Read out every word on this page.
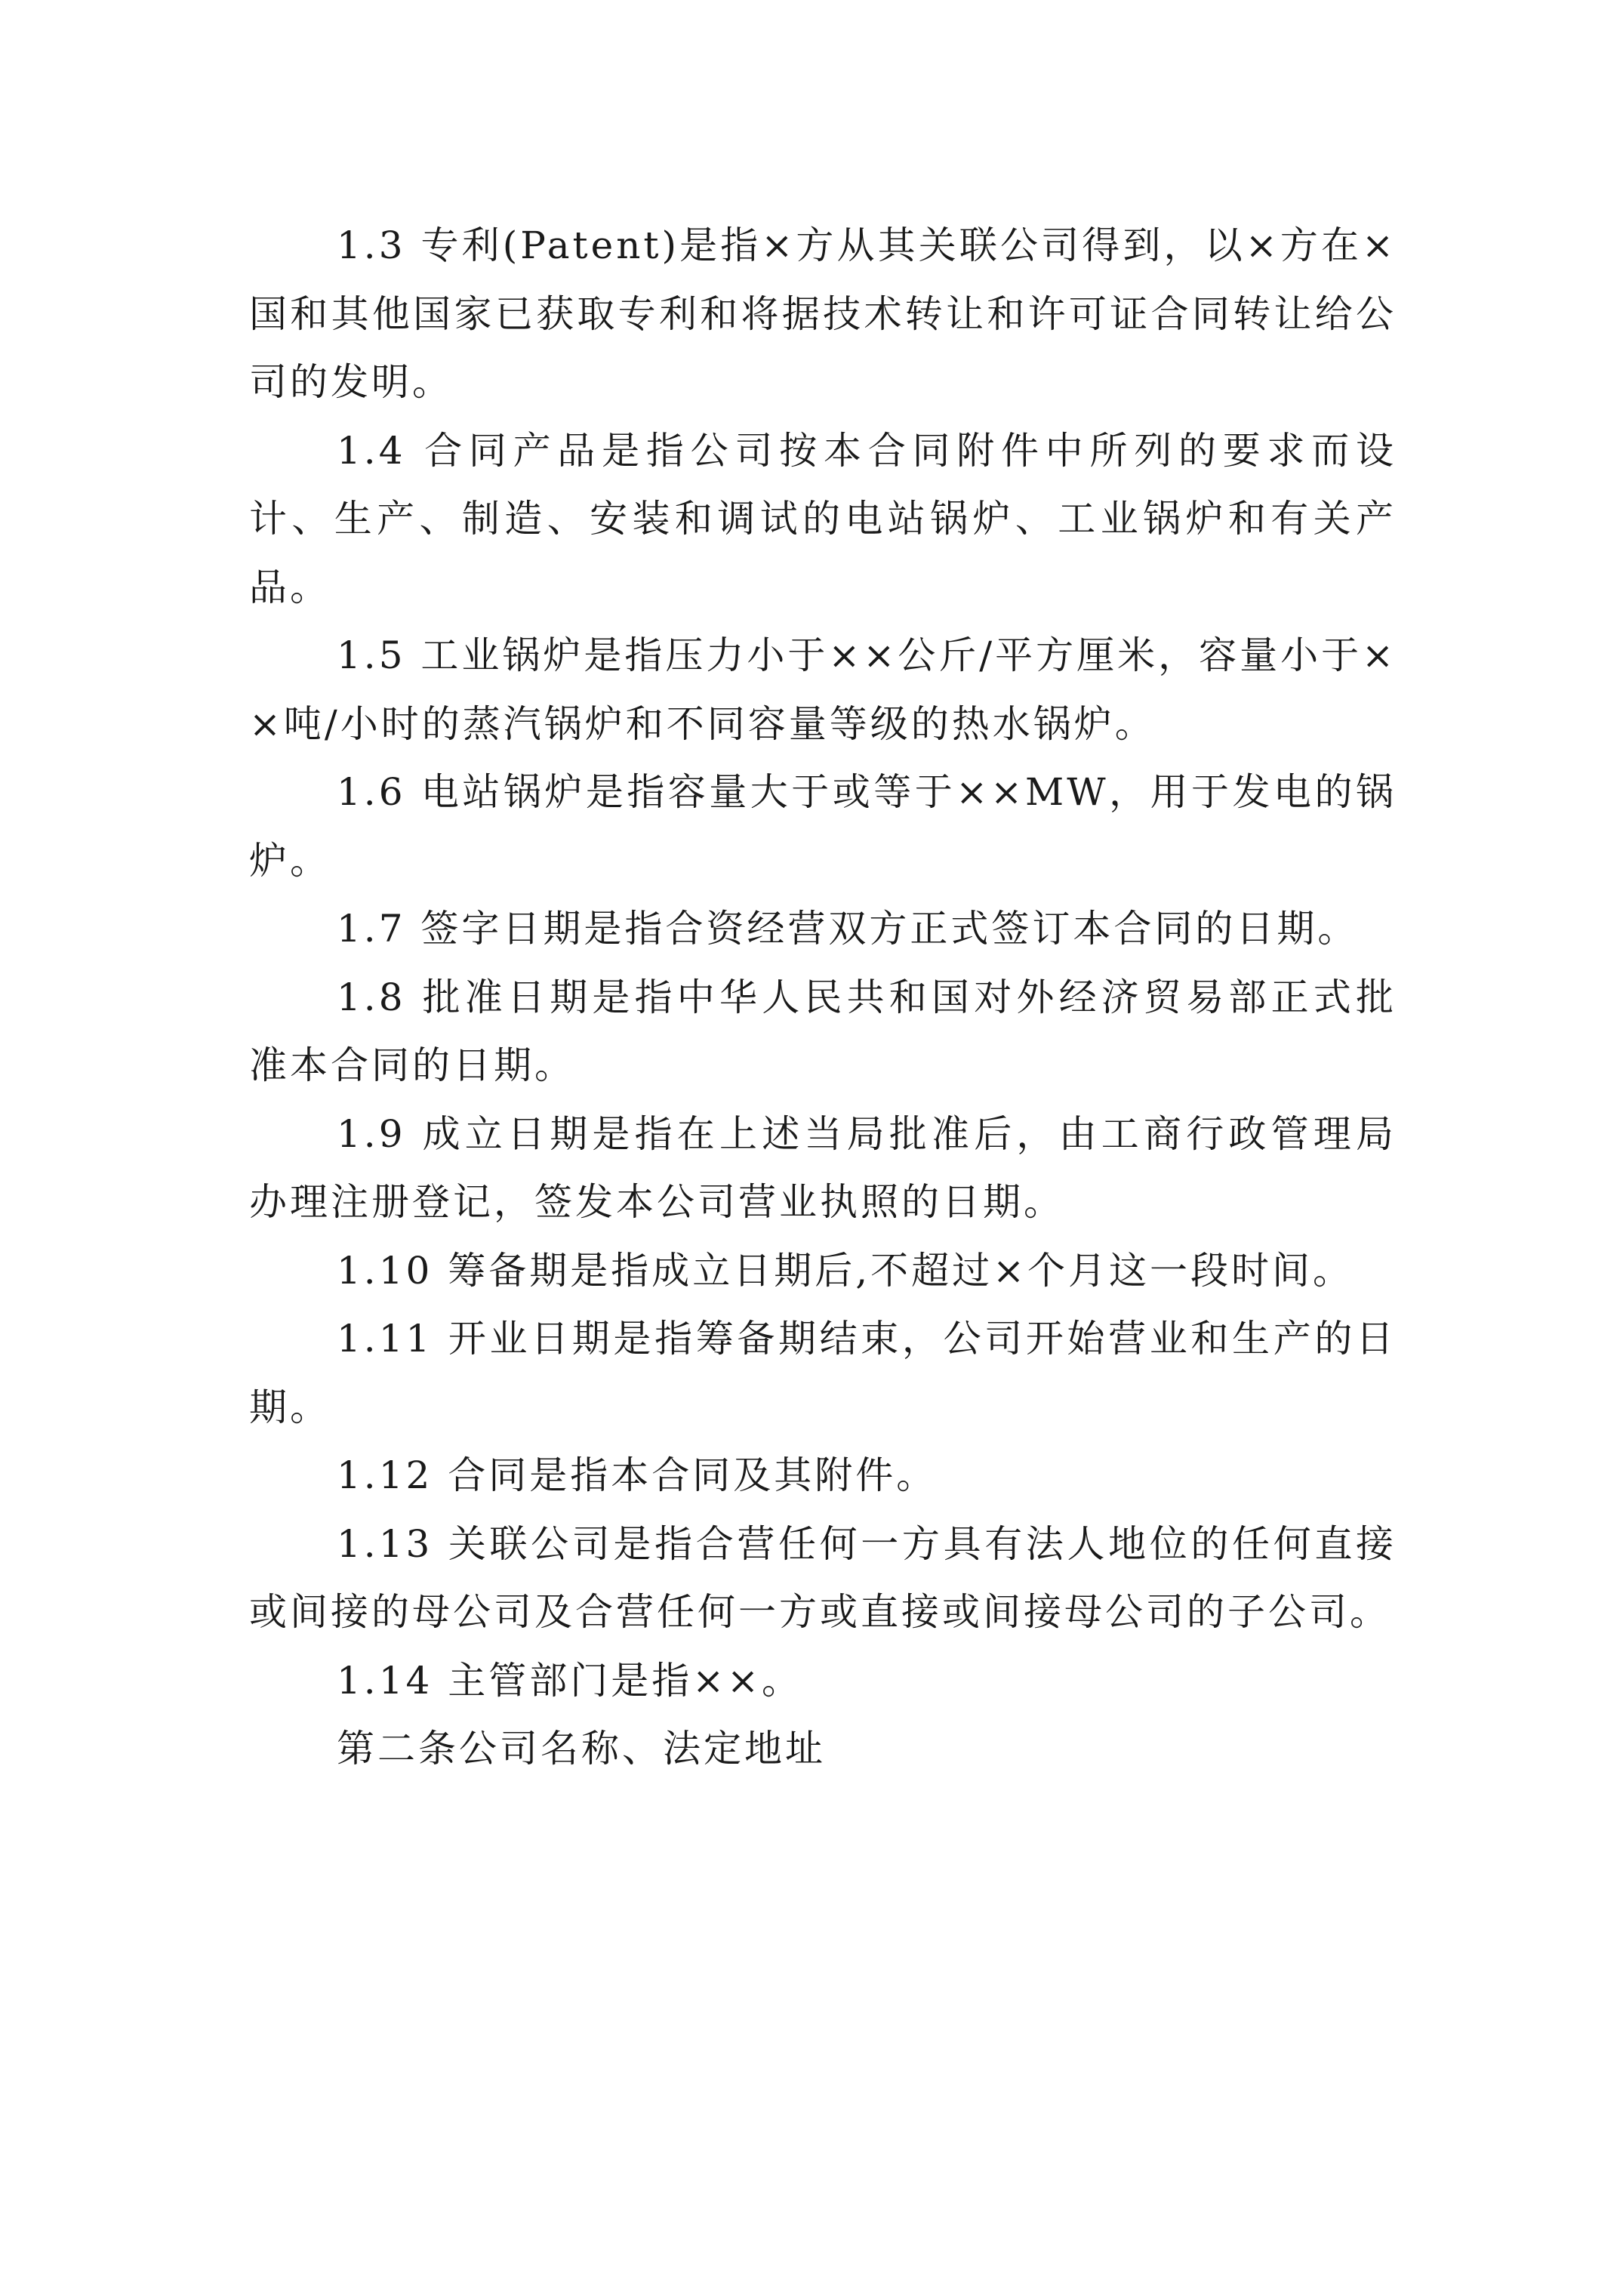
1.3 专利(Patent)是指×方从其关联公司得到，以×方在×国和其他国家已获取专利和将据技术转让和许可证合同转让给公司的发明。

1.4 合同产品是指公司按本合同附件中所列的要求而设计、生产、制造、安装和调试的电站锅炉、工业锅炉和有关产品。

1.5 工业锅炉是指压力小于××公斤/平方厘米，容量小于××吨/小时的蒸汽锅炉和不同容量等级的热水锅炉。

1.6 电站锅炉是指容量大于或等于××MW，用于发电的锅炉。

1.7 签字日期是指合资经营双方正式签订本合同的日期。

1.8 批准日期是指中华人民共和国对外经济贸易部正式批准本合同的日期。

1.9 成立日期是指在上述当局批准后，由工商行政管理局办理注册登记，签发本公司营业执照的日期。

1.10 筹备期是指成立日期后,不超过×个月这一段时间。

1.11 开业日期是指筹备期结束，公司开始营业和生产的日期。

1.12 合同是指本合同及其附件。

1.13 关联公司是指合营任何一方具有法人地位的任何直接或间接的母公司及合营任何一方或直接或间接母公司的子公司。

1.14 主管部门是指××。

第二条公司名称、法定地址
